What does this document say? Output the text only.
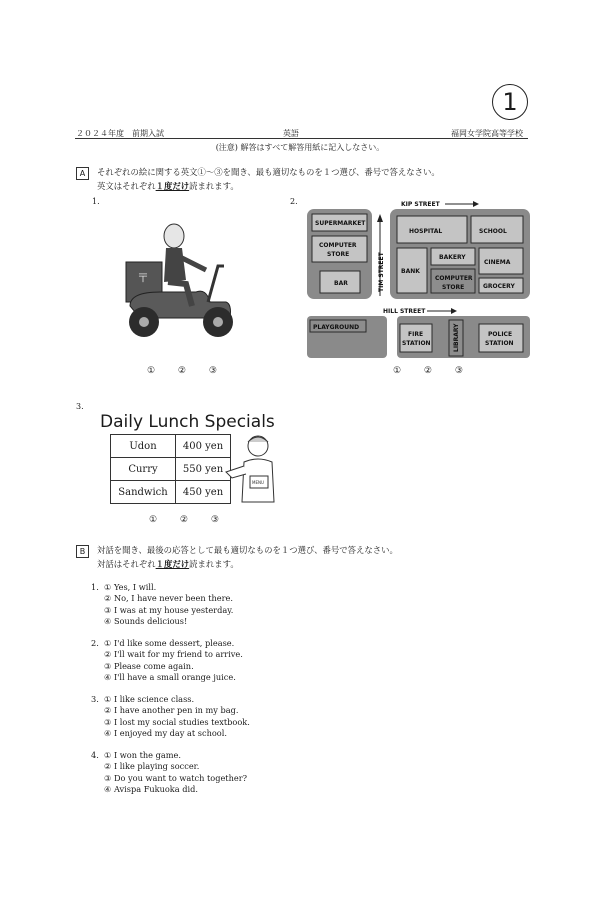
1
２０２４年度　前期入試	英語	福岡女学院高等学校
(注意) 解答はすべて解答用紙に記入しなさい。
A	それぞれの絵に関する英文①～③を聞き、最も適切なものを１つ選び、番号で答えなさい。
英文はそれぞれ１度だけ読まれます。
1.	2.
〒
① ② ③
KIP STREET
SUPERMARKET
COMPUTER
STORE
BAR	TIM STREET
HOSPITAL	SCHOOL
BANK
BAKERY
COMPUTER
STORE
CINEMA
GROCERY
HILL STREET
PLAYGROUND
FIRE
STATION	LIBRARY	POLICE
STATION
① ② ③
3.
Daily Lunch Specials
Udon	400 yen
Curry	550 yen
Sandwich	450 yen
MENU
① ② ③
B	対話を聞き、最後の応答として最も適切なものを１つ選び、番号で答えなさい。
対話はそれぞれ１度だけ読まれます。
1. ① Yes, I will.
② No, I have never been there.
③ I was at my house yesterday.
④ Sounds delicious!
2. ① I'd like some dessert, please.
② I'll wait for my friend to arrive.
③ Please come again.
④ I'll have a small orange juice.
3. ① I like science class.
② I have another pen in my bag.
③ I lost my social studies textbook.
④ I enjoyed my day at school.
4. ① I won the game.
② I like playing soccer.
③ Do you want to watch together?
④ Avispa Fukuoka did.
